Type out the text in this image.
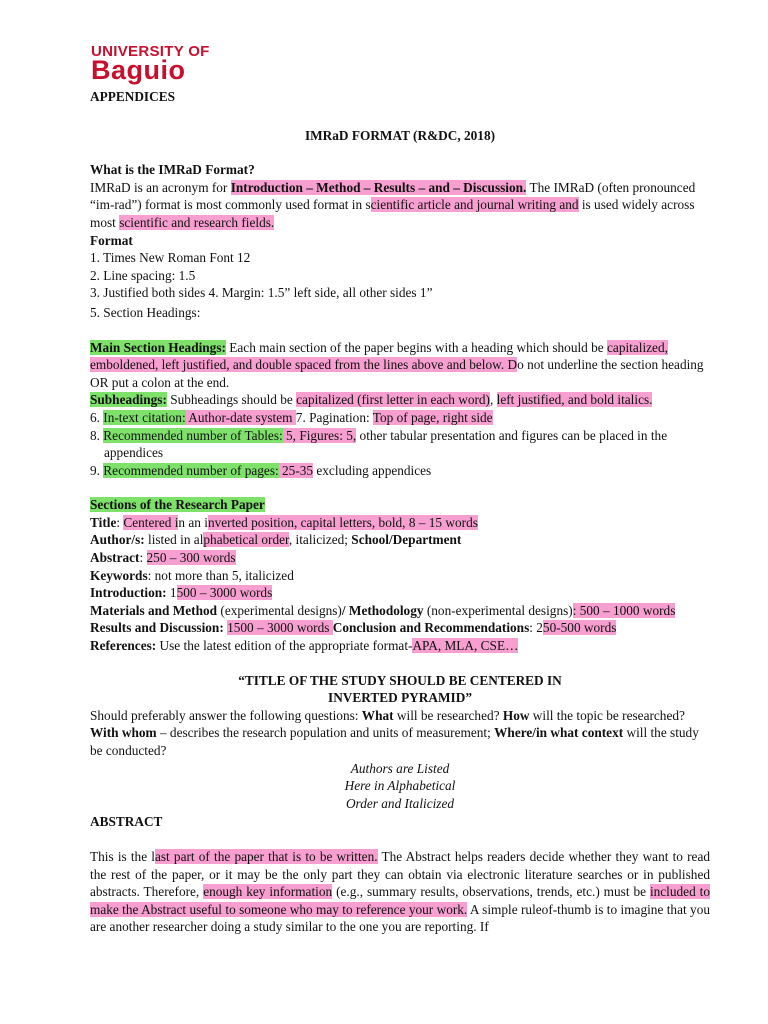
UNIVERSITY OF
Baguio

APPENDICES

IMRaD FORMAT (R&DC, 2018)

What is the IMRaD Format?

IMRaD is an acronym for Introduction – Method – Results – and – Discussion. The IMRaD (often pronounced “im-rad”) format is most commonly used format in scientific article and journal writing and is used widely across most scientific and research fields.

Format

1. Times New Roman Font 12

2. Line spacing: 1.5

3. Justified both sides 4. Margin: 1.5” left side, all other sides 1”

5. Section Headings:

Main Section Headings: Each main section of the paper begins with a heading which should be capitalized, emboldened, left justified, and double spaced from the lines above and below. Do not underline the section heading OR put a colon at the end.

Subheadings: Subheadings should be capitalized (first letter in each word), left justified, and bold italics.

6. In-text citation: Author-date system 7. Pagination: Top of page, right side

8. Recommended number of Tables: 5, Figures: 5, other tabular presentation and figures can be placed in the appendices

9. Recommended number of pages: 25-35 excluding appendices

Sections of the Research Paper

Title: Centered in an inverted position, capital letters, bold, 8 – 15 words

Author/s: listed in alphabetical order, italicized; School/Department

Abstract: 250 – 300 words

Keywords: not more than 5, italicized

Introduction: 1500 – 3000 words

Materials and Method (experimental designs)/ Methodology (non-experimental designs): 500 – 1000 words

Results and Discussion: 1500 – 3000 words Conclusion and Recommendations: 250-500 words

References: Use the latest edition of the appropriate format-APA, MLA, CSE…

“TITLE OF THE STUDY SHOULD BE CENTERED IN

INVERTED PYRAMID”

Should preferably answer the following questions: What will be researched? How will the topic be researched? With whom – describes the research population and units of measurement; Where/in what context will the study be conducted?

Authors are Listed

Here in Alphabetical

Order and Italicized

ABSTRACT

This is the last part of the paper that is to be written. The Abstract helps readers decide whether they want to read the rest of the paper, or it may be the only part they can obtain via electronic literature searches or in published abstracts. Therefore, enough key information (e.g., summary results, observations, trends, etc.) must be included to make the Abstract useful to someone who may to reference your work. A simple ruleof-thumb is to imagine that you are another researcher doing a study similar to the one you are reporting. If
